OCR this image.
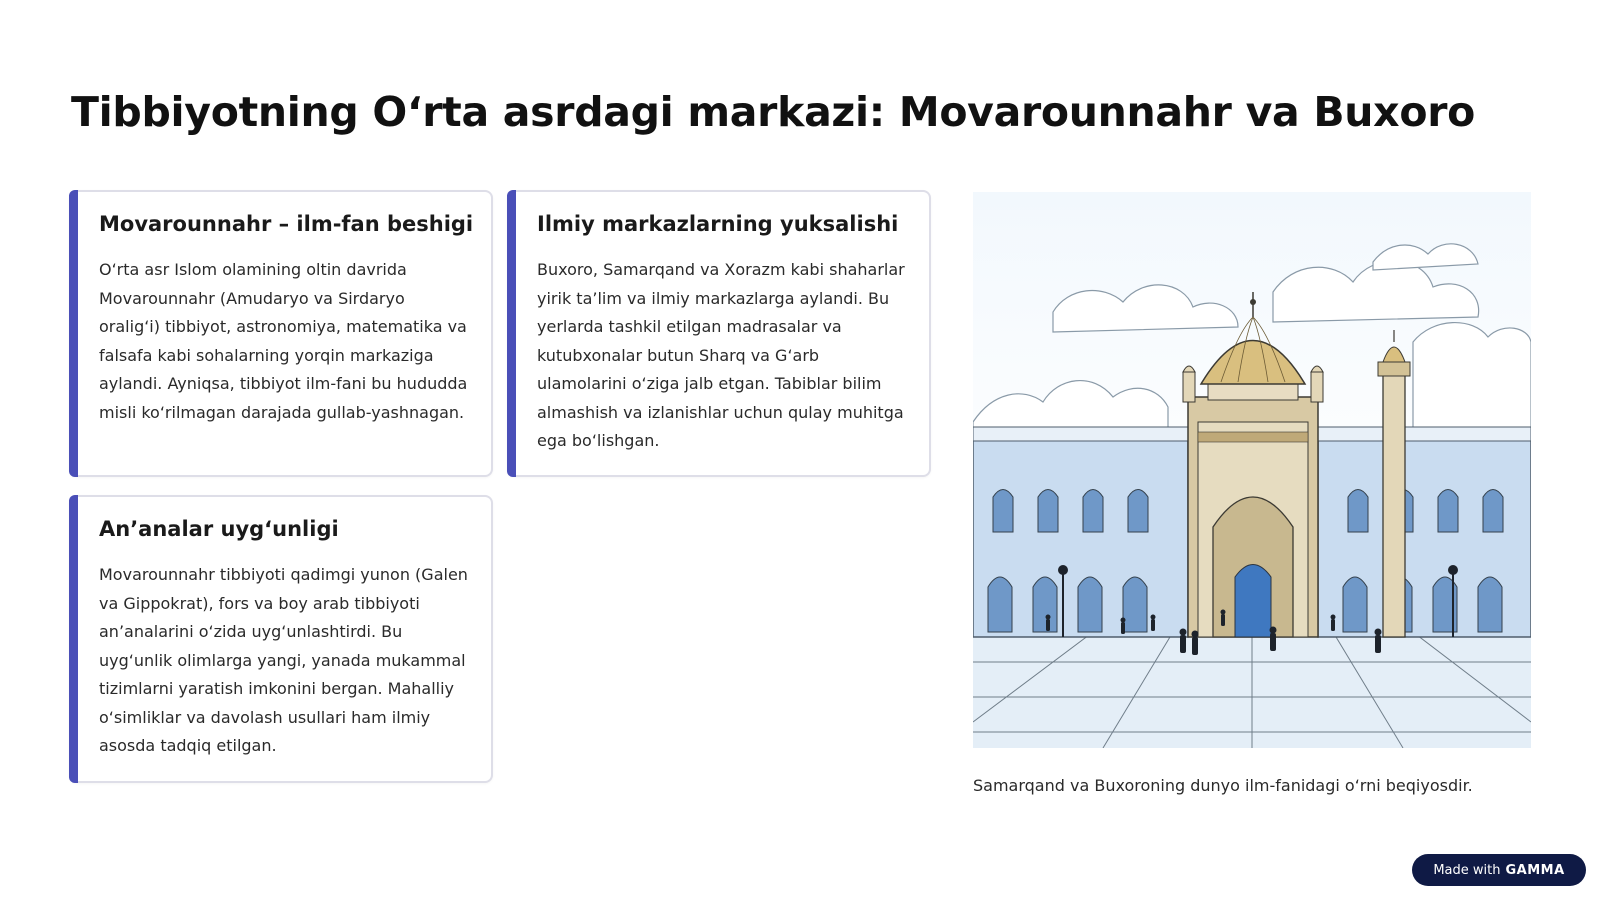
Tibbiyotning O‘rta asrdagi markazi: Movarounnahr va Buxoro
Movarounnahr – ilm-fan beshigi
O‘rta asr Islom olamining oltin davrida Movarounnahr (Amudaryo va Sirdaryo oralig‘i) tibbiyot, astronomiya, matematika va falsafa kabi sohalarning yorqin markaziga aylandi. Ayniqsa, tibbiyot ilm-fani bu hududda misli ko‘rilmagan darajada gullab-yashnagan.
Ilmiy markazlarning yuksalishi
Buxoro, Samarqand va Xorazm kabi shaharlar yirik ta’lim va ilmiy markazlarga aylandi. Bu yerlarda tashkil etilgan madrasalar va kutubxonalar butun Sharq va G‘arb ulamolarini o‘ziga jalb etgan. Tabiblar bilim almashish va izlanishlar uchun qulay muhitga ega bo‘lishgan.
An’analar uyg‘unligi
Movarounnahr tibbiyoti qadimgi yunon (Galen va Gippokrat), fors va boy arab tibbiyoti an’analarini o‘zida uyg‘unlashtirdi. Bu uyg‘unlik olimlarga yangi, yanada mukammal tizimlarni yaratish imkonini bergan. Mahalliy o‘simliklar va davolash usullari ham ilmiy asosda tadqiq etilgan.
Samarqand va Buxoroning dunyo ilm-fanidagi o‘rni beqiyosdir.
Made with GAMMA
